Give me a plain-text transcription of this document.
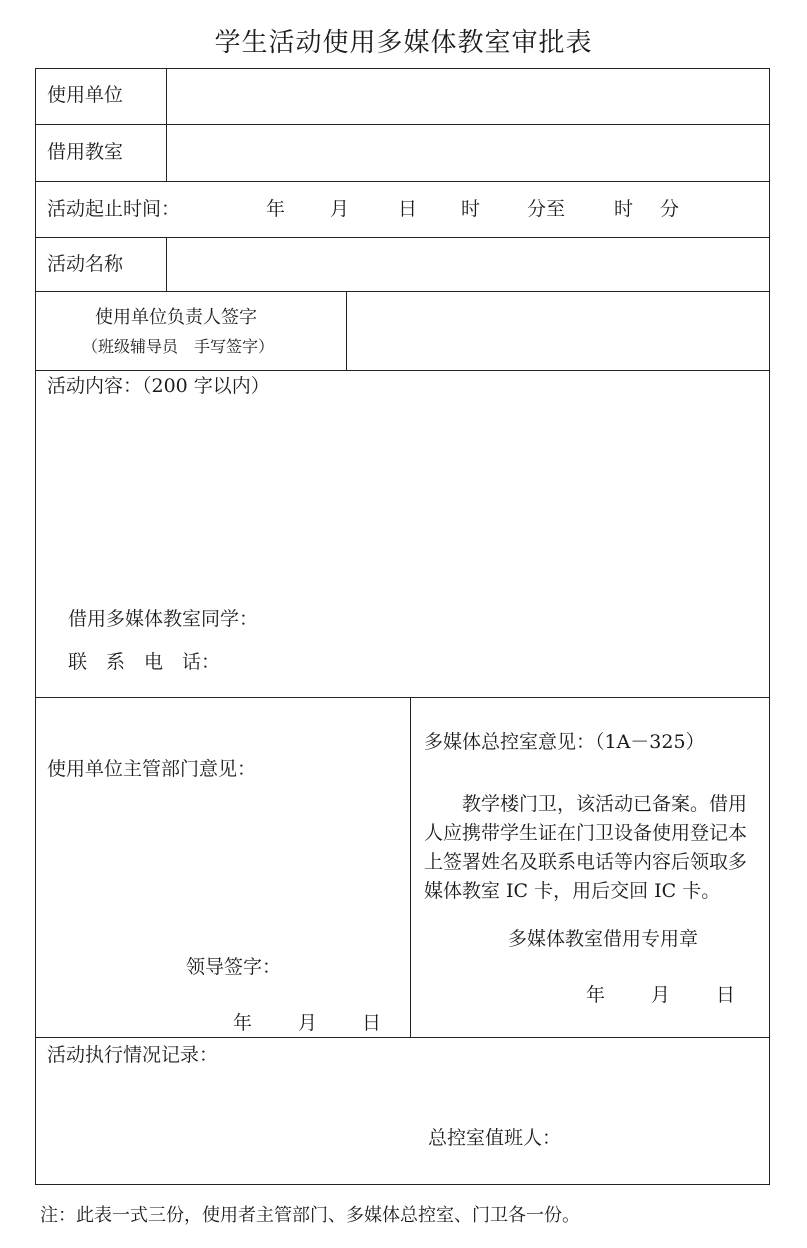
学生活动使用多媒体教室审批表
使用单位
借用教室
活动起止时间：	年 月	日 时 分至	时 分
活动名称
使用单位负责人签字
（班级辅导员　手写签字）
活动内容：（200 字以内）
借用多媒体教室同学：
联　系　电　话：
使用单位主管部门意见：
领导签字：
年 月 日
多媒体总控室意见：（1A－325）
教学楼门卫，该活动已备案。借用人应携带学生证在门卫设备使用登记本上签署姓名及联系电话等内容后领取多媒体教室 IC 卡，用后交回 IC 卡。
多媒体教室借用专用章
年 月 日
活动执行情况记录：
总控室值班人：
注：此表一式三份，使用者主管部门、多媒体总控室、门卫各一份。
